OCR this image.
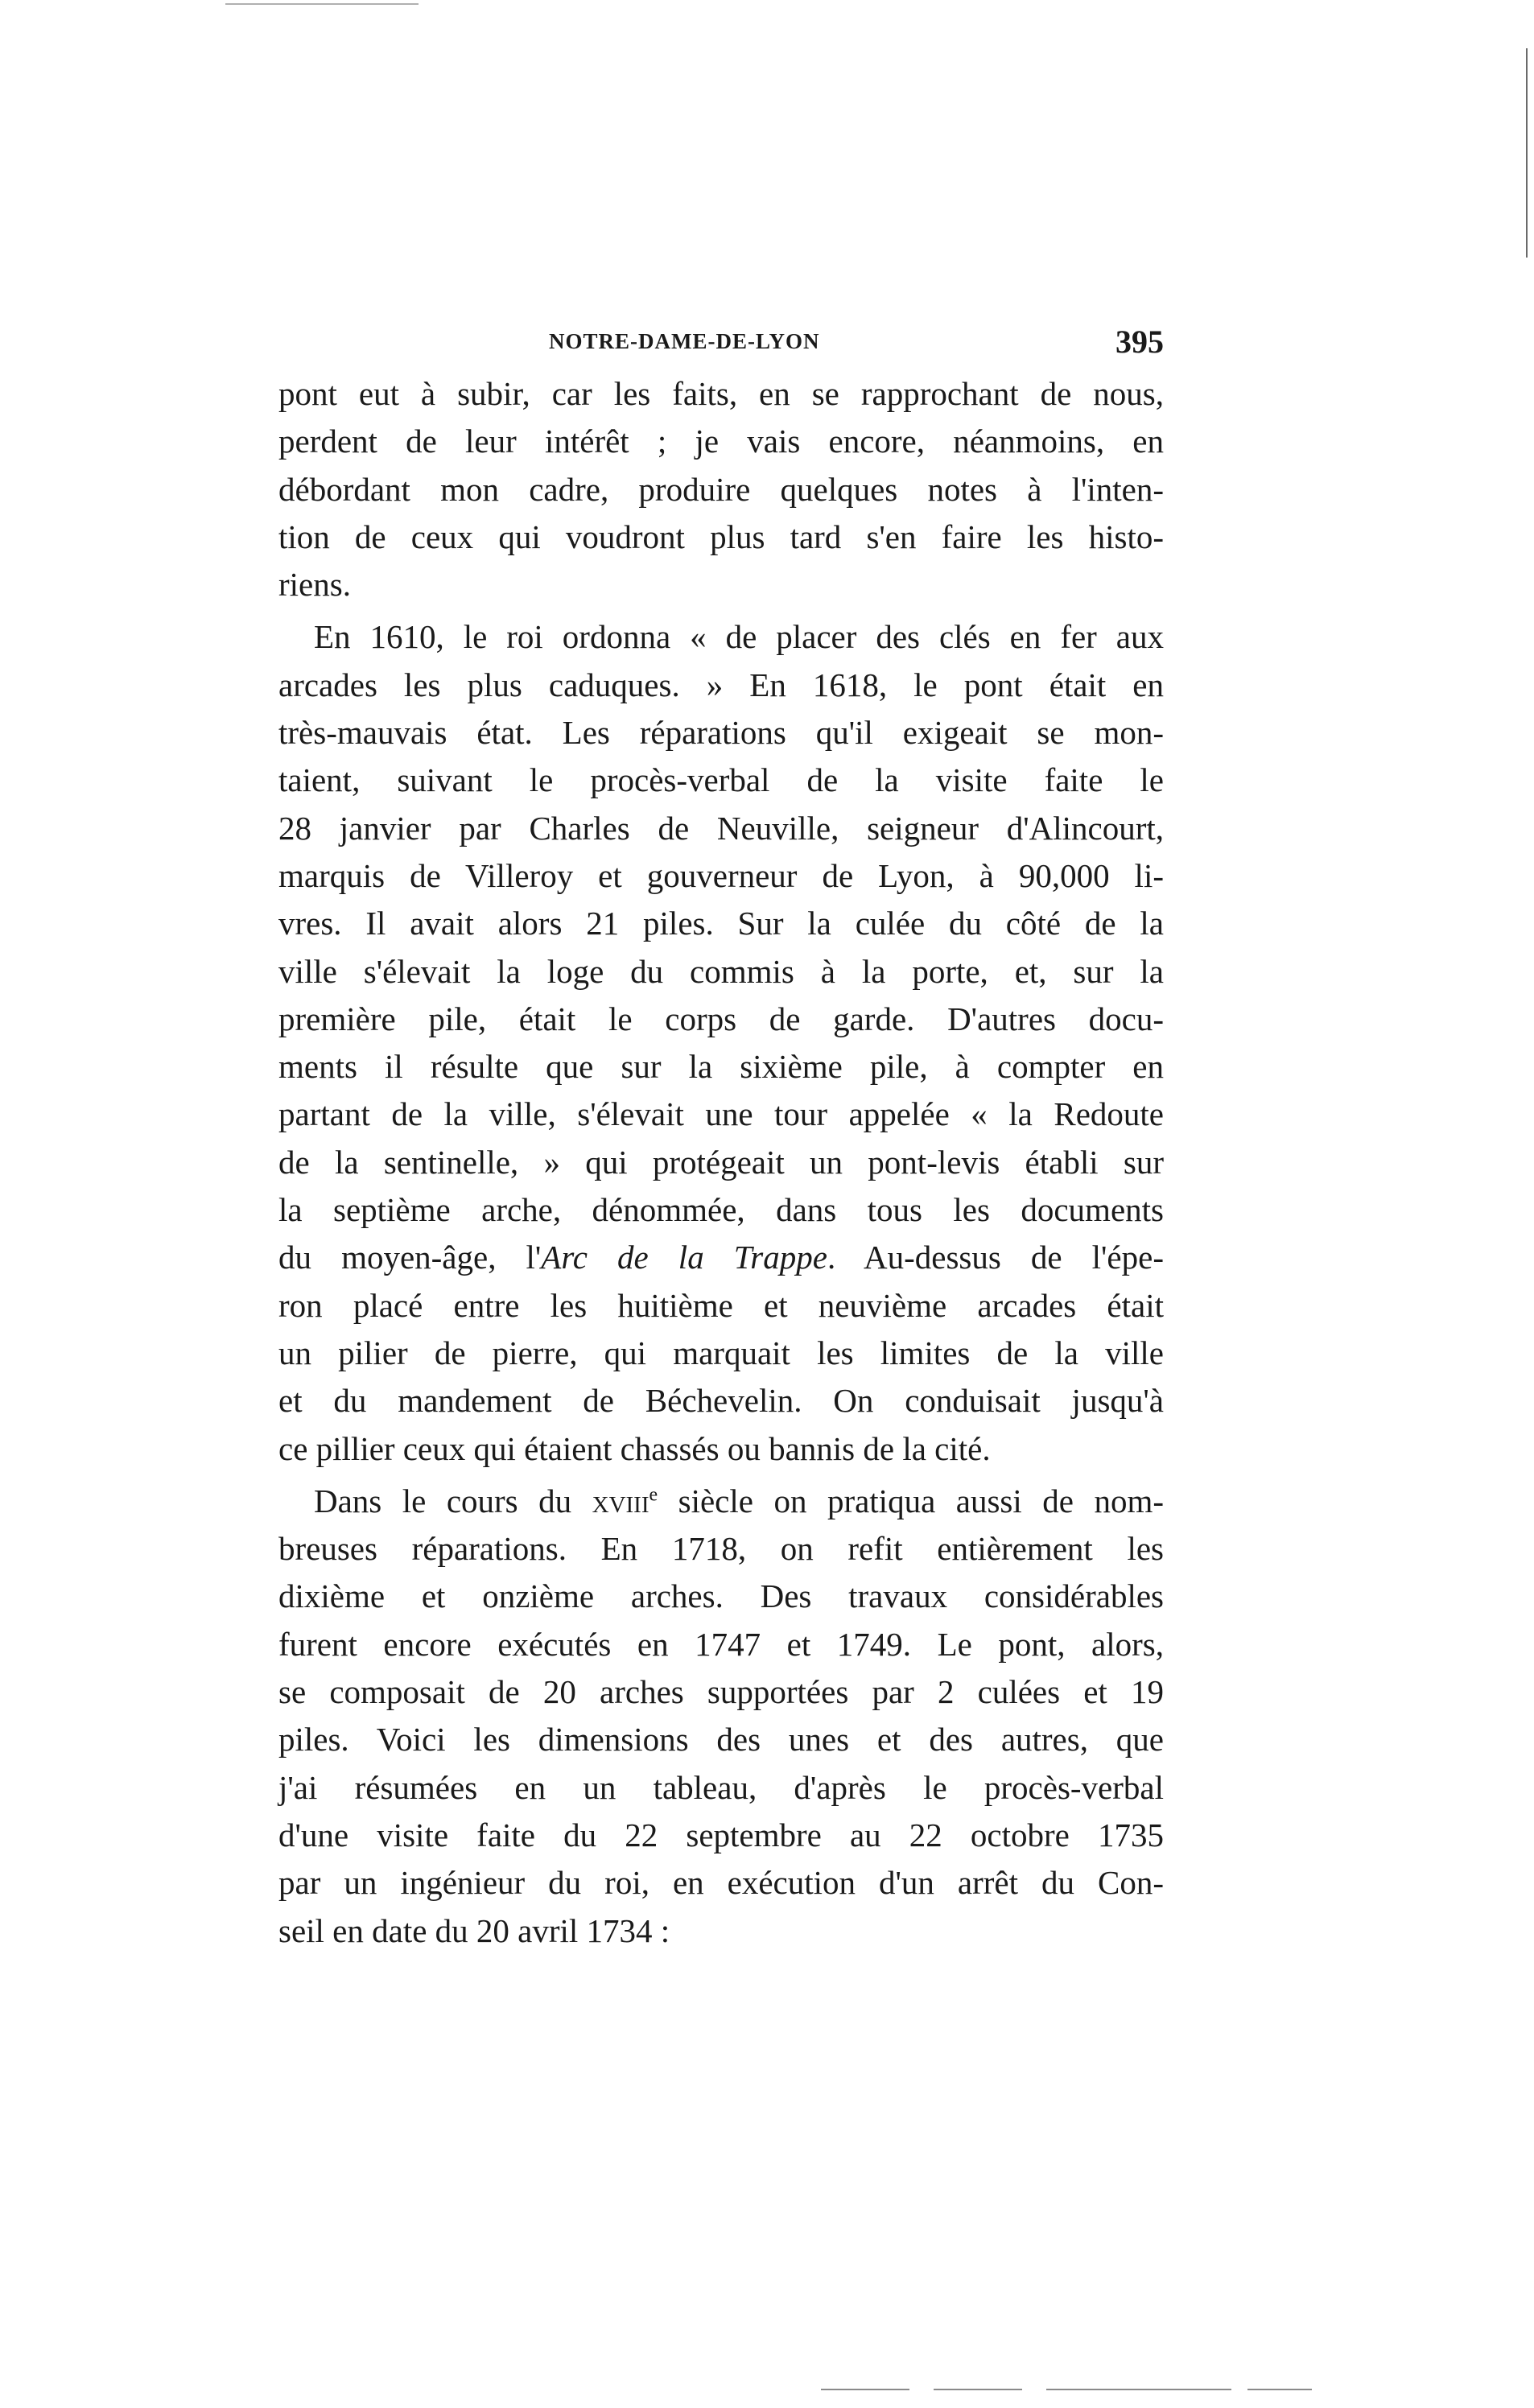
NOTRE-DAME-DE-LYON	395
pont eut à subir, car les faits, en se rapprochant de nous,
perdent de leur intérêt ; je vais encore, néanmoins, en
débordant mon cadre, produire quelques notes à l'inten-
tion de ceux qui voudront plus tard s'en faire les histo-
riens.
En 1610, le roi ordonna « de placer des clés en fer aux
arcades les plus caduques. » En 1618, le pont était en
très-mauvais état. Les réparations qu'il exigeait se mon-
taient, suivant le procès-verbal de la visite faite le
28 janvier par Charles de Neuville, seigneur d'Alincourt,
marquis de Villeroy et gouverneur de Lyon, à 90,000 li-
vres. Il avait alors 21 piles. Sur la culée du côté de la
ville s'élevait la loge du commis à la porte, et, sur la
première pile, était le corps de garde. D'autres docu-
ments il résulte que sur la sixième pile, à compter en
partant de la ville, s'élevait une tour appelée « la Redoute
de la sentinelle, » qui protégeait un pont-levis établi sur
la septième arche, dénommée, dans tous les documents
du moyen-âge, l'Arc de la Trappe. Au-dessus de l'épe-
ron placé entre les huitième et neuvième arcades était
un pilier de pierre, qui marquait les limites de la ville
et du mandement de Béchevelin. On conduisait jusqu'à
ce pillier ceux qui étaient chassés ou bannis de la cité.
Dans le cours du xviii$^e$ siècle on pratiqua aussi de nom-
breuses réparations. En 1718, on refit entièrement les
dixième et onzième arches. Des travaux considérables
furent encore exécutés en 1747 et 1749. Le pont, alors,
se composait de 20 arches supportées par 2 culées et 19
piles. Voici les dimensions des unes et des autres, que
j'ai résumées en un tableau, d'après le procès-verbal
d'une visite faite du 22 septembre au 22 octobre 1735
par un ingénieur du roi, en exécution d'un arrêt du Con-
seil en date du 20 avril 1734 :
